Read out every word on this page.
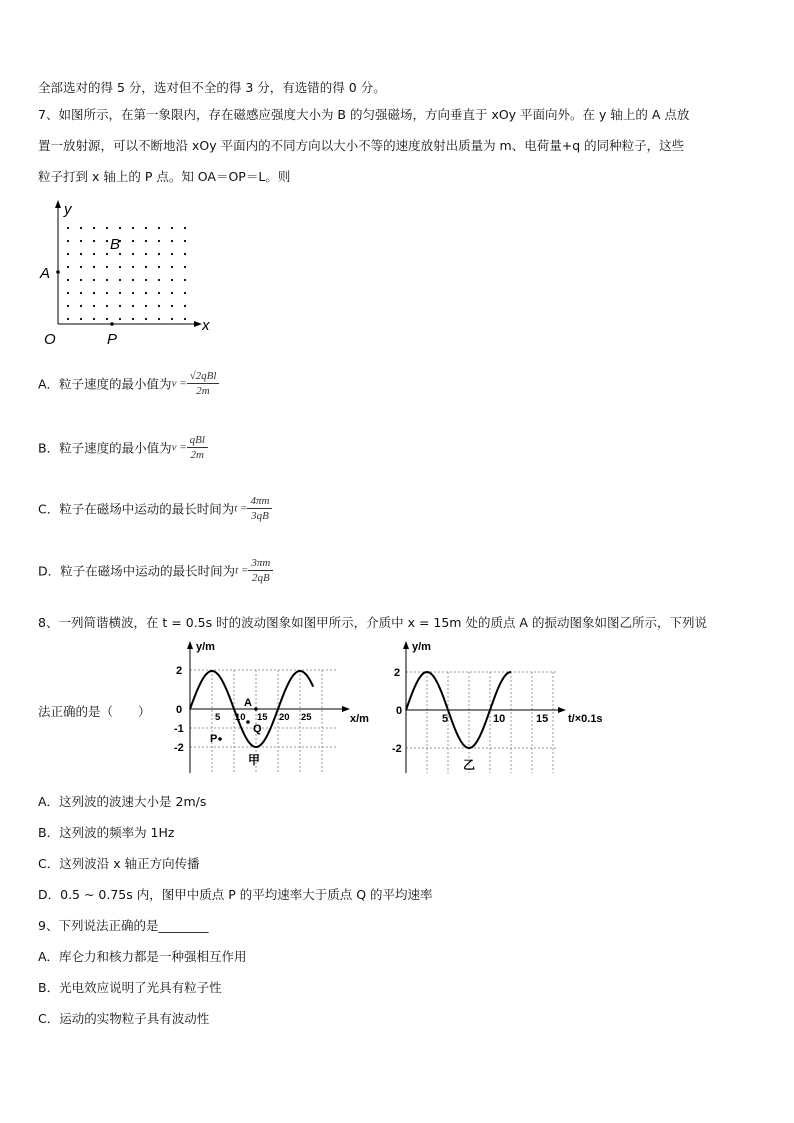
全部选对的得 5 分，选对但不全的得 3 分，有选错的得 0 分。
7、如图所示，在第一象限内，存在磁感应强度大小为 B 的匀强磁场，方向垂直于 xOy 平面向外。在 y 轴上的 A 点放
置一放射源，可以不断地沿 xOy 平面内的不同方向以大小不等的速度放射出质量为 m、电荷量+q 的同种粒子，这些
粒子打到 x 轴上的 P 点。知 OA＝OP＝L。则
y
x
O
A
P
B
A．粒子速度的最小值为$v = \frac{\text{√2qBl}}{2m}$
B．粒子速度的最小值为$v = \frac{\text{qBl}}{2m}$
C．粒子在磁场中运动的最长时间为$t = \frac{4\pi m}{3qB}$
D．粒子在磁场中运动的最长时间为$t = \frac{3\pi m}{2qB}$
8、一列简谐横波，在 t = 0.5s 时的波动图象如图甲所示，介质中 x = 15m 处的质点 A 的振动图象如图乙所示，下列说
法正确的是（　　）
y/m
x/m
2
0
-1
-2
5 10 15 20 25
A
P
Q
甲
y/m
t/×0.1s
2
0
-2
5	10	15
乙
A．这列波的波速大小是 2m/s
B．这列波的频率为 1Hz
C．这列波沿 x 轴正方向传播
D．0.5 ~ 0.75s 内，图甲中质点 P 的平均速率大于质点 Q 的平均速率
9、下列说法正确的是________
A．库仑力和核力都是一种强相互作用
B．光电效应说明了光具有粒子性
C．运动的实物粒子具有波动性
